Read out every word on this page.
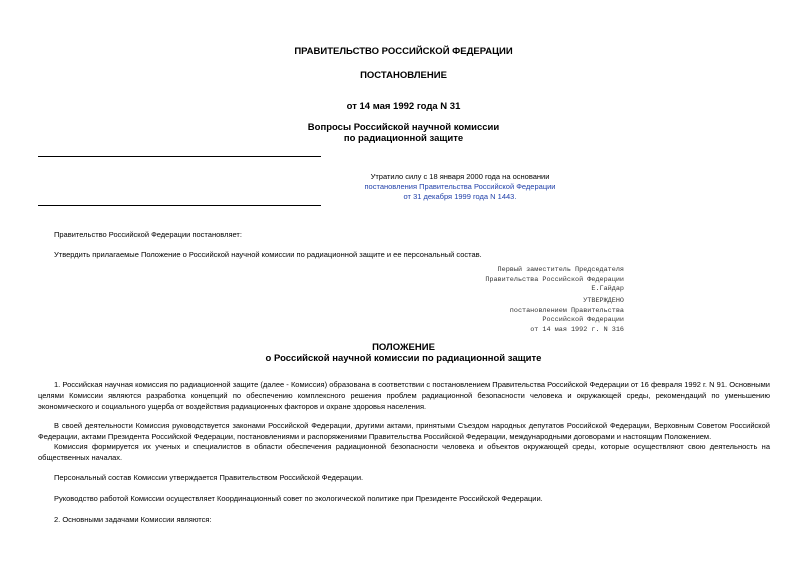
ПРАВИТЕЛЬСТВО РОССИЙСКОЙ ФЕДЕРАЦИИ
ПОСТАНОВЛЕНИЕ
от 14 мая 1992 года N 31
Вопросы Российской научной комиссии
по радиационной защите
Утратило силу с 18 января 2000 года на основании
постановления Правительства Российской Федерации
от 31 декабря 1999 года N 1443.
Правительство Российской Федерации постановляет:
Утвердить прилагаемые Положение о Российской научной комиссии по радиационной защите и ее персональный состав.
Первый заместитель Председателя
Правительства Российской Федерации
Е.Гайдар
УТВЕРЖДЕНО
постановлением Правительства
Российской Федерации
от 14 мая 1992 г. N 316
ПОЛОЖЕНИЕ
о Российской научной комиссии по радиационной защите
1. Российская научная комиссия по радиационной защите (далее - Комиссия) образована в соответствии с постановлением Правительства Российской Федерации от 16 февраля 1992 г. N 91. Основными целями Комиссии являются разработка концепций по обеспечению комплексного решения проблем радиационной безопасности человека и окружающей среды, рекомендаций по уменьшению экономического и социального ущерба от воздействия радиационных факторов и охране здоровья населения.
В своей деятельности Комиссия руководствуется законами Российской Федерации, другими актами, принятыми Съездом народных депутатов Российской Федерации, Верховным Советом Российской Федерации, актами Президента Российской Федерации, постановлениями и распоряжениями Правительства Российской Федерации, международными договорами и настоящим Положением.
Комиссия формируется их ученых и специалистов в области обеспечения радиационной безопасности человека и объектов окружающей среды, которые осуществляют свою деятельность на общественных началах.
Персональный состав Комиссии утверждается Правительством Российской Федерации.
Руководство работой Комиссии осуществляет Координационный совет по экологической политике при Президенте Российской Федерации.
2. Основными задачами Комиссии являются:
